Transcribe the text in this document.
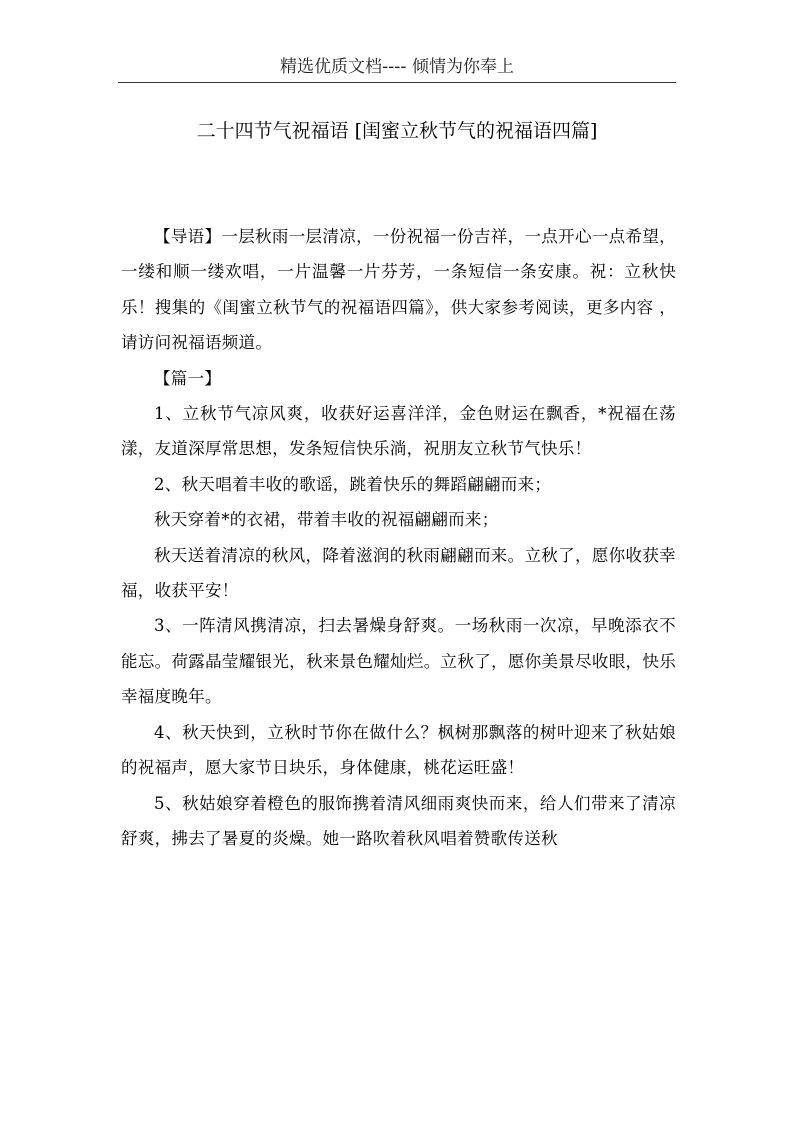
精选优质文档---- 倾情为你奉上
二十四节气祝福语 [闺蜜立秋节气的祝福语四篇]

【导语】一层秋雨一层清凉，一份祝福一份吉祥，一点开心一点希望，一缕和顺一缕欢唱，一片温馨一片芬芳，一条短信一条安康。祝：立秋快乐！搜集的《闺蜜立秋节气的祝福语四篇》，供大家参考阅读，更多内容 ，请访问祝福语频道。

【篇一】

1、立秋节气凉风爽，收获好运喜洋洋，金色财运在飘香，*祝福在荡漾，友道深厚常思想，发条短信快乐淌，祝朋友立秋节气快乐！

2、秋天唱着丰收的歌谣，跳着快乐的舞蹈翩翩而来；

秋天穿着*的衣裙，带着丰收的祝福翩翩而来；

秋天送着清凉的秋风，降着滋润的秋雨翩翩而来。立秋了，愿你收获幸福，收获平安！

3、一阵清风携清凉，扫去暑燥身舒爽。一场秋雨一次凉，早晚添衣不能忘。荷露晶莹耀银光，秋来景色耀灿烂。立秋了，愿你美景尽收眼，快乐幸福度晚年。

4、秋天快到，立秋时节你在做什么？枫树那飘落的树叶迎来了秋姑娘的祝福声，愿大家节日块乐，身体健康，桃花运旺盛！

5、秋姑娘穿着橙色的服饰携着清风细雨爽快而来，给人们带来了清凉舒爽，拂去了暑夏的炎燥。她一路吹着秋风唱着赞歌传送秋
